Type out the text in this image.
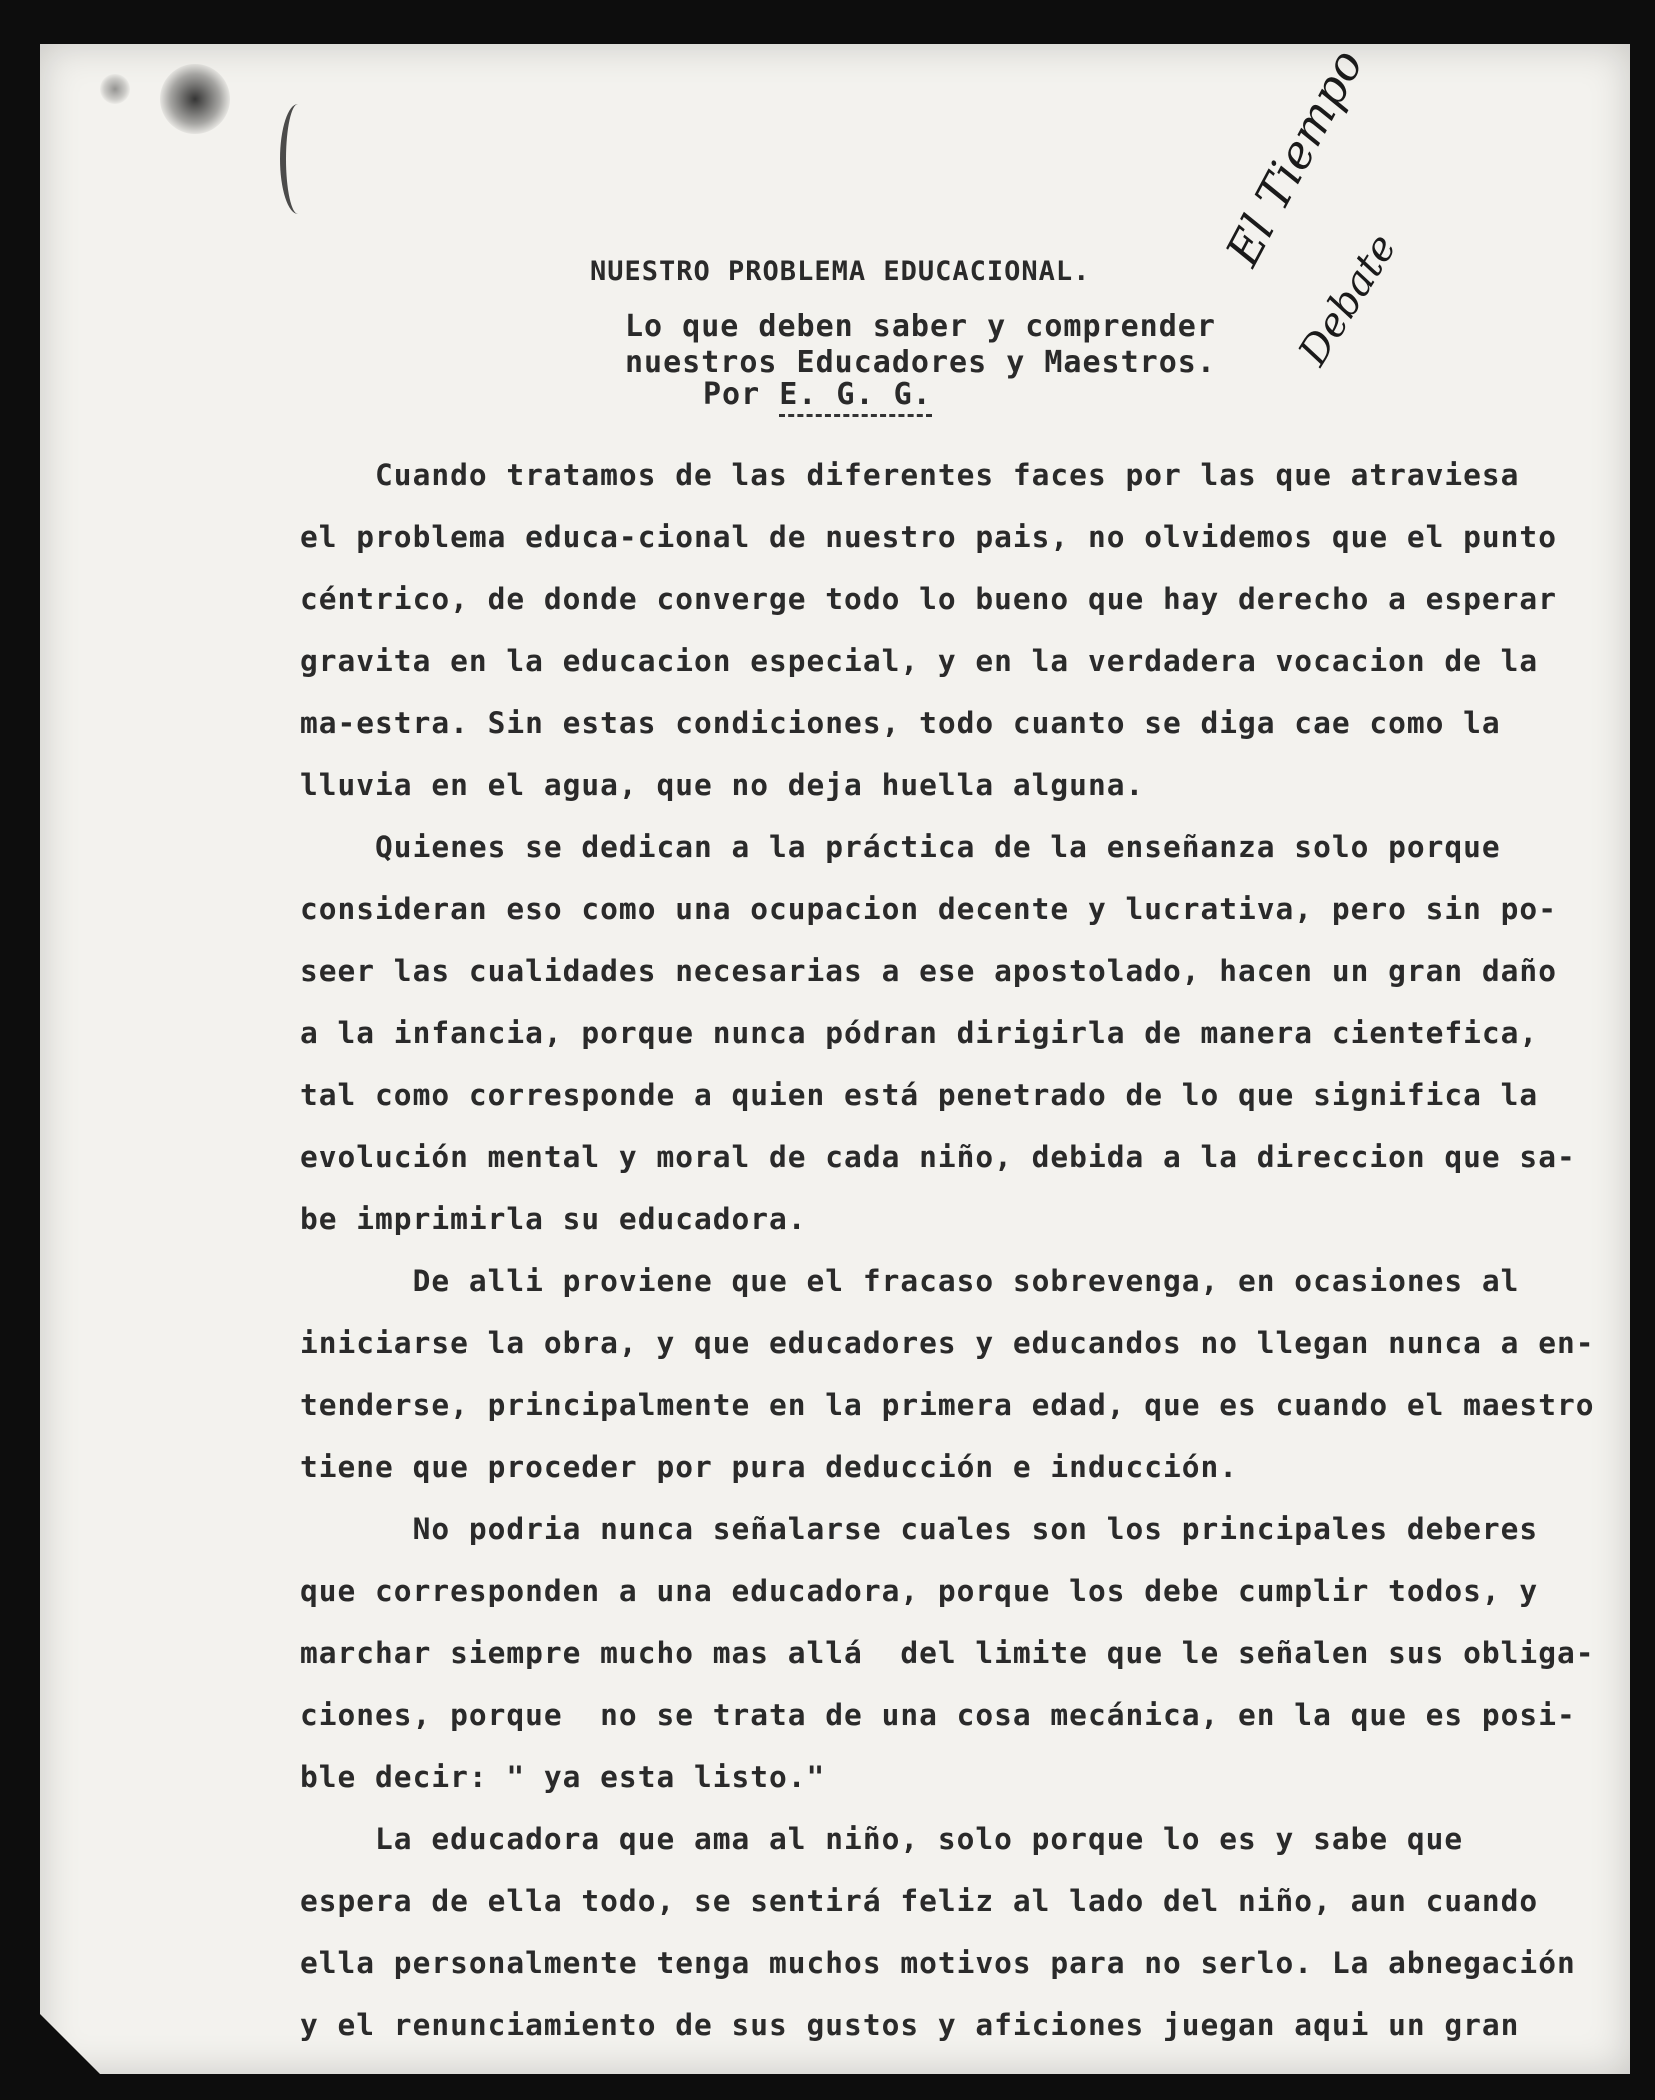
NUESTRO PROBLEMA EDUCACIONAL.
Lo que deben saber y comprender
nuestros Educadores y Maestros.
Por E. G. G.
El Tiempo
Debate
Cuando tratamos de las diferentes faces por las que atraviesa
el problema educa-cional de nuestro pais, no olvidemos que el punto
céntrico, de donde converge todo lo bueno que hay derecho a esperar
gravita en la educacion especial, y en la verdadera vocacion de la
ma-estra. Sin estas condiciones, todo cuanto se diga cae como la
lluvia en el agua, que no deja huella alguna.
Quienes se dedican a la práctica de la enseñanza solo porque
consideran eso como una ocupacion decente y lucrativa, pero sin po-
seer las cualidades necesarias a ese apostolado, hacen un gran daño
a la infancia, porque nunca pódran dirigirla de manera cientefica,
tal como corresponde a quien está penetrado de lo que significa la
evolución mental y moral de cada niño, debida a la direccion que sa-
be imprimirla su educadora.
De alli proviene que el fracaso sobrevenga, en ocasiones al
iniciarse la obra, y que educadores y educandos no llegan nunca a en-
tenderse, principalmente en la primera edad, que es cuando el maestro
tiene que proceder por pura deducción e inducción.
No podria nunca señalarse cuales son los principales deberes
que corresponden a una educadora, porque los debe cumplir todos, y
marchar siempre mucho mas allá  del limite que le señalen sus obliga-
ciones, porque  no se trata de una cosa mecánica, en la que es posi-
ble decir: " ya esta listo."
La educadora que ama al niño, solo porque lo es y sabe que
espera de ella todo, se sentirá feliz al lado del niño, aun cuando
ella personalmente tenga muchos motivos para no serlo. La abnegación
y el renunciamiento de sus gustos y aficiones juegan aqui un gran
